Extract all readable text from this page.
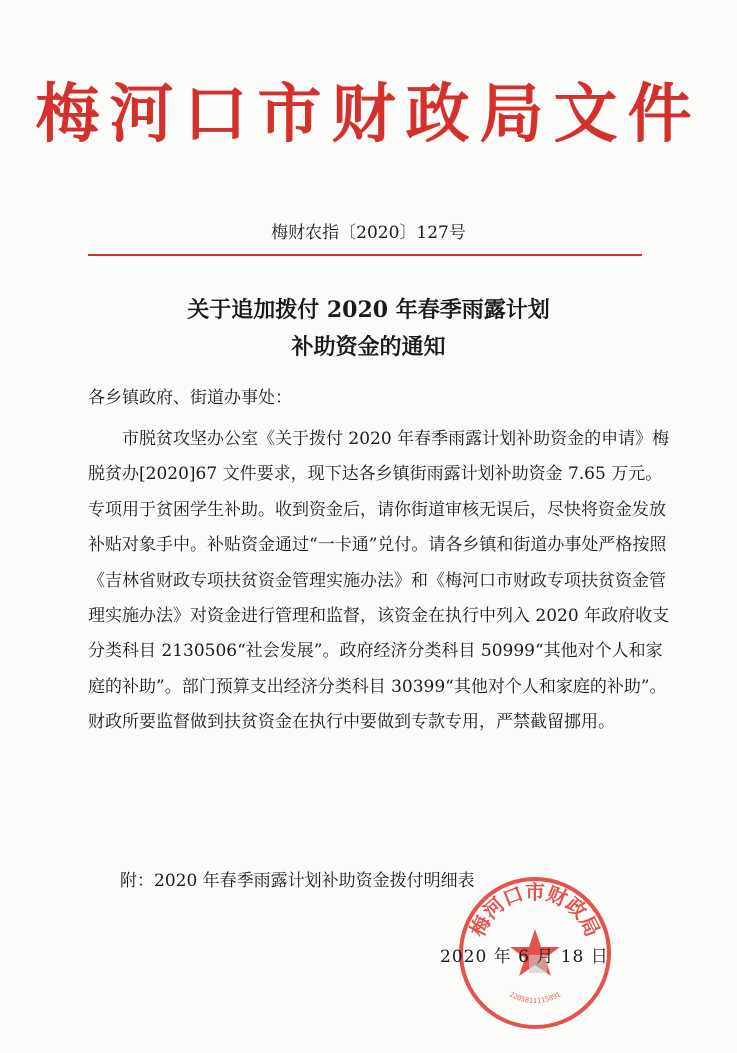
梅河口市财政局文件
梅财农指〔2020〕127号
关于追加拨付 2020 年春季雨露计划
补助资金的通知
各乡镇政府、街道办事处：

市脱贫攻坚办公室《关于拨付 2020 年春季雨露计划补助资金的申请》梅脱贫办[2020]67 文件要求，现下达各乡镇街雨露计划补助资金 7.65 万元。专项用于贫困学生补助。收到资金后，请你街道审核无误后，尽快将资金发放补贴对象手中。补贴资金通过“一卡通”兑付。请各乡镇和街道办事处严格按照《吉林省财政专项扶贫资金管理实施办法》和《梅河口市财政专项扶贫资金管理实施办法》对资金进行管理和监督，该资金在执行中列入 2020 年政府收支分类科目 2130506“社会发展”。政府经济分类科目 50999“其他对个人和家庭的补助”。部门预算支出经济分类科目 30399“其他对个人和家庭的补助”。财政所要监督做到扶贫资金在执行中要做到专款专用，严禁截留挪用。

附：2020 年春季雨露计划补助资金拨付明细表
梅河口市财政局
2205811115891
2020 年 6 月 18 日
